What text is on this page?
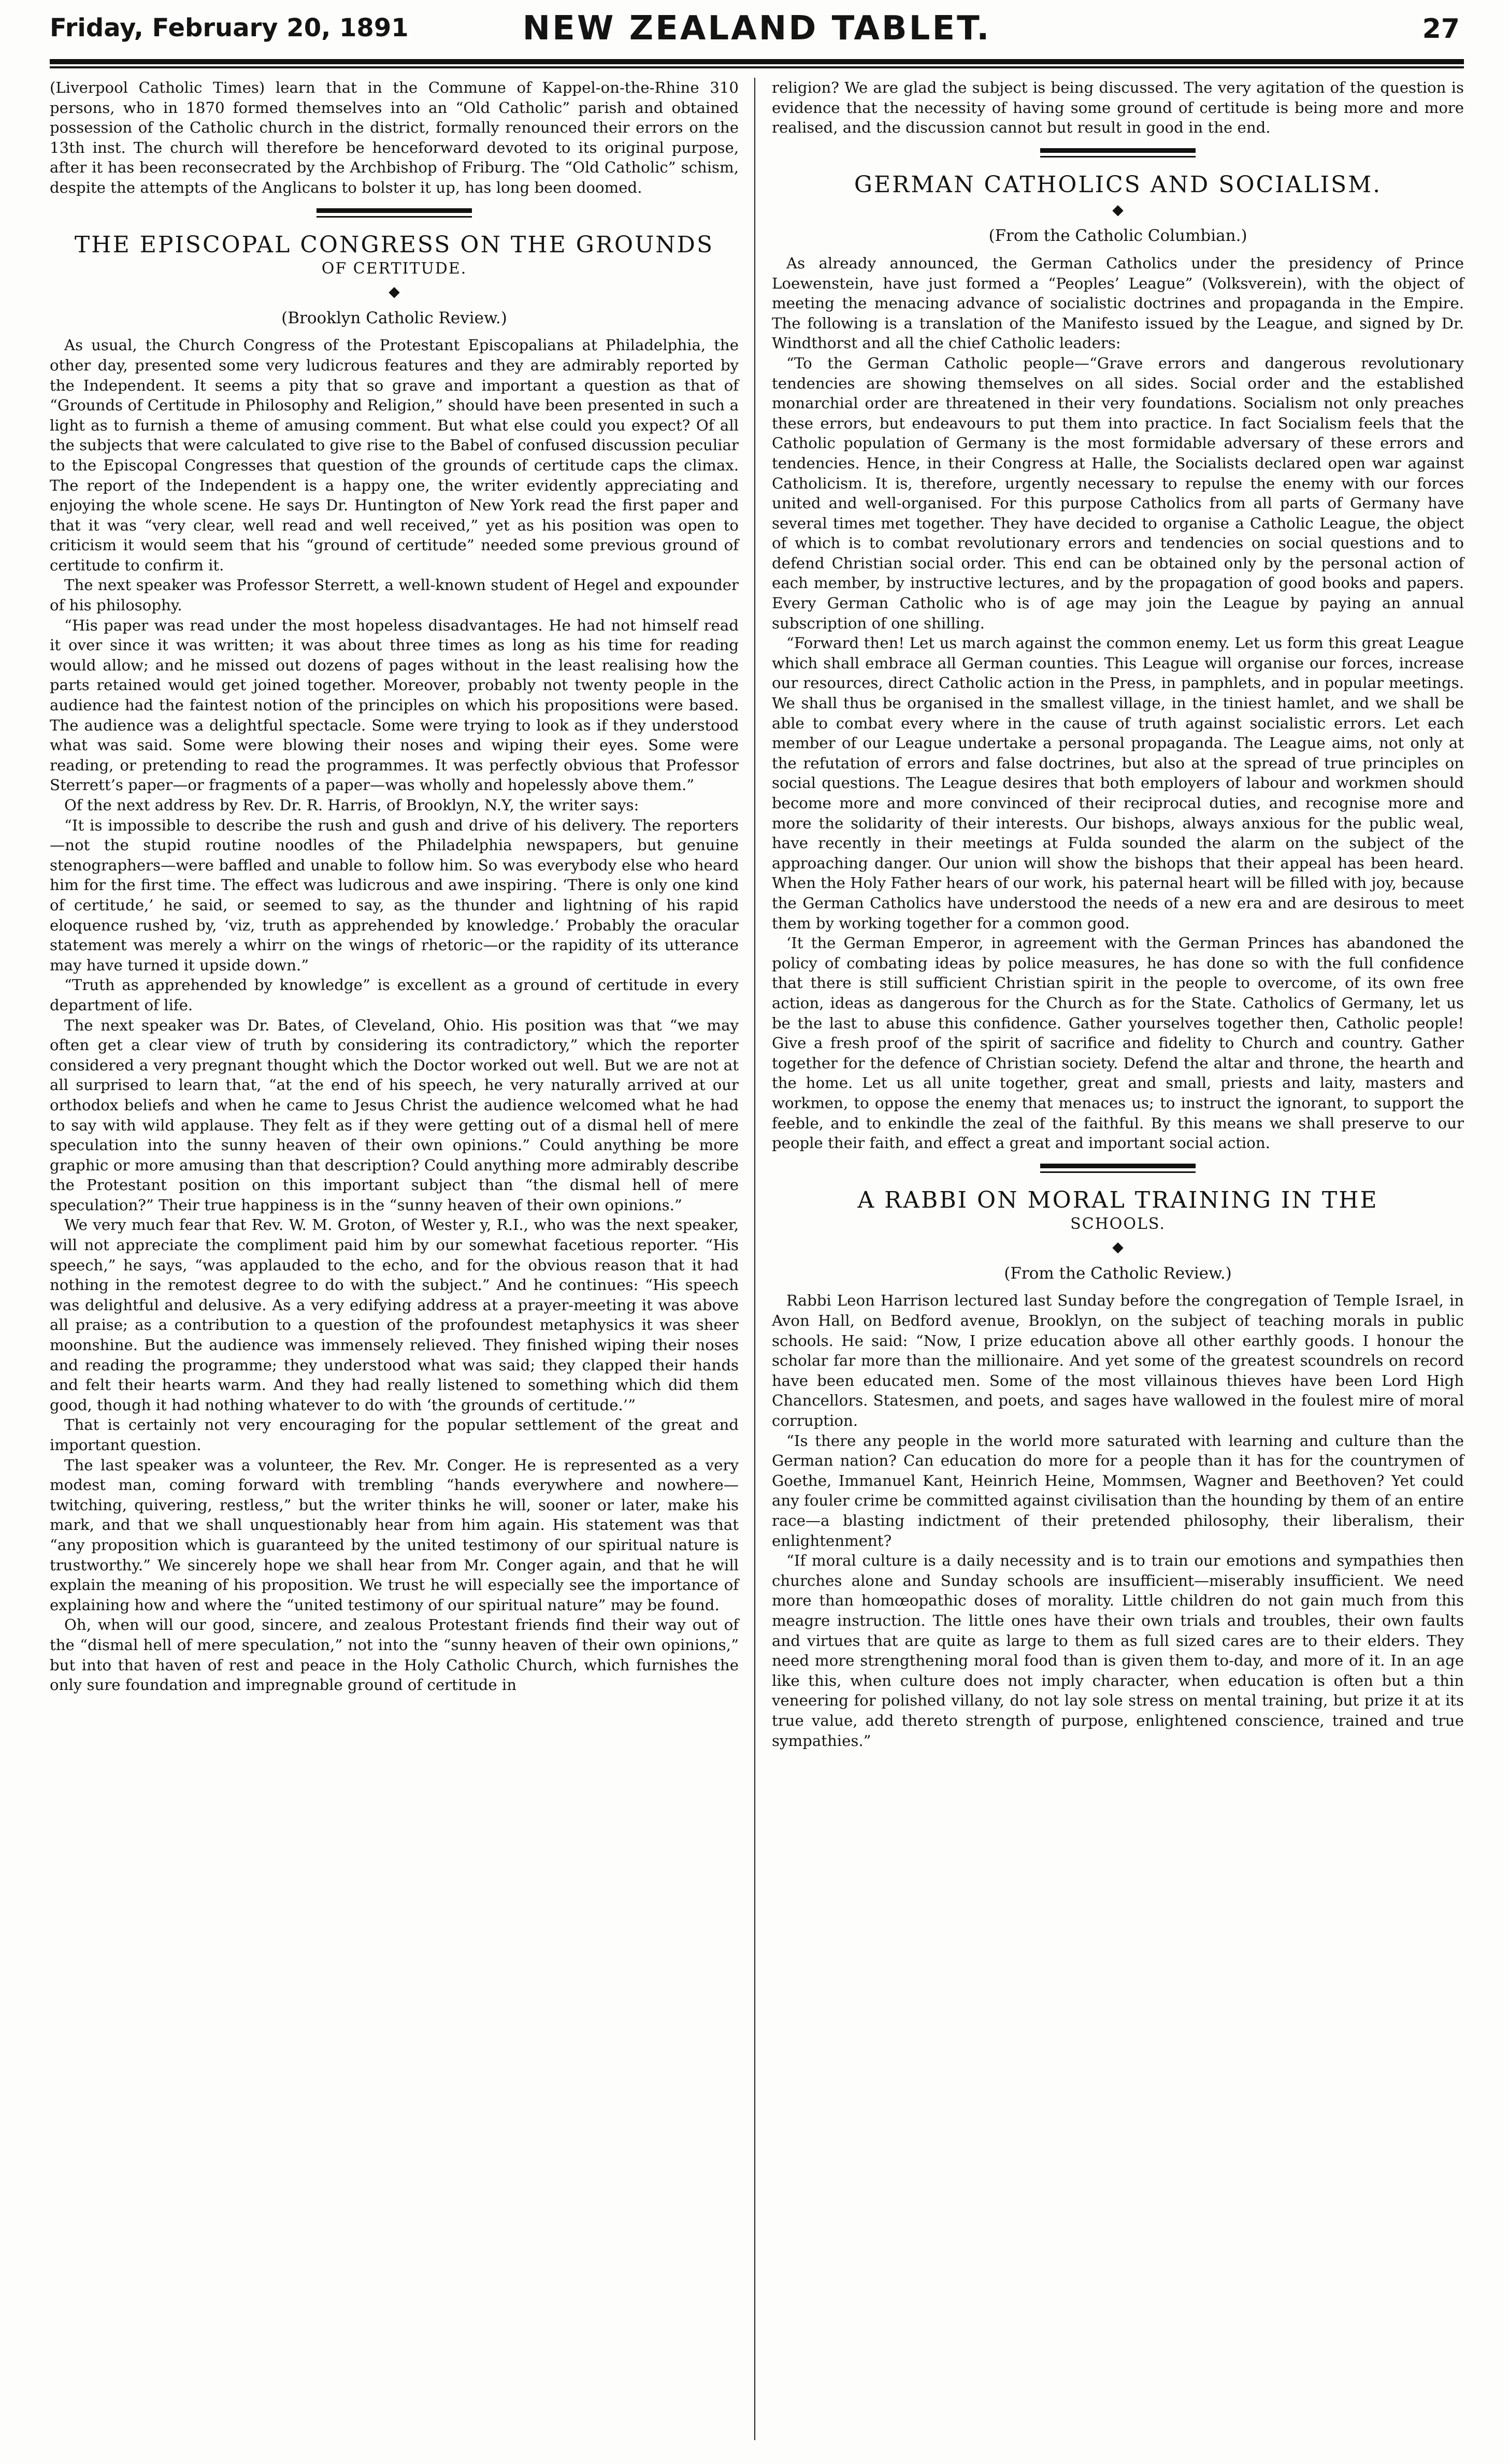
Friday, February 20, 1891	NEW ZEALAND TABLET.	27

(Liverpool Catholic Times) learn that in the Commune of Kappel-on-the-Rhine 310 persons, who in 1870 formed themselves into an “Old Catholic” parish and obtained possession of the Catholic church in the district, formally renounced their errors on the 13th inst. The church will therefore be henceforward devoted to its original purpose, after it has been reconsecrated by the Archbishop of Friburg. The “Old Catholic” schism, despite the attempts of the Anglicans to bolster it up, has long been doomed.

THE EPISCOPAL CONGRESS ON THE GROUNDS
OF CERTITUDE.
◆
(Brooklyn Catholic Review.)

As usual, the Church Congress of the Protestant Episcopalians at Philadelphia, the other day, presented some very ludicrous features and they are admirably reported by the Independent. It seems a pity that so grave and important a question as that of “Grounds of Certitude in Philosophy and Religion,” should have been presented in such a light as to furnish a theme of amusing comment. But what else could you expect? Of all the subjects that were calculated to give rise to the Babel of confused discussion peculiar to the Episcopal Congresses that question of the grounds of certitude caps the climax. The report of the Independent is a happy one, the writer evidently appreciating and enjoying the whole scene. He says Dr. Huntington of New York read the first paper and that it was “very clear, well read and well received,” yet as his position was open to criticism it would seem that his “ground of certitude” needed some previous ground of certitude to confirm it.

The next speaker was Professor Sterrett, a well-known student of Hegel and expounder of his philosophy.

“His paper was read under the most hopeless disadvantages. He had not himself read it over since it was written; it was about three times as long as his time for reading would allow; and he missed out dozens of pages without in the least realising how the parts retained would get joined together. Moreover, probably not twenty people in the audience had the faintest notion of the principles on which his propositions were based. The audience was a delightful spectacle. Some were trying to look as if they understood what was said. Some were blowing their noses and wiping their eyes. Some were reading, or pretending to read the programmes. It was perfectly obvious that Professor Sterrett’s paper—or fragments of a paper—was wholly and hopelessly above them.”

Of the next address by Rev. Dr. R. Harris, of Brooklyn, N.Y, the writer says:

“It is impossible to describe the rush and gush and drive of his delivery. The reporters—not the stupid routine noodles of the Philadelphia newspapers, but genuine stenographers—were baffled and unable to follow him. So was everybody else who heard him for the first time. The effect was ludicrous and awe inspiring. ‘There is only one kind of certitude,’ he said, or seemed to say, as the thunder and lightning of his rapid eloquence rushed by, ‘viz, truth as apprehended by knowledge.’ Probably the oracular statement was merely a whirr on the wings of rhetoric—or the rapidity of its utterance may have turned it upside down.”

“Truth as apprehended by knowledge” is excellent as a ground of certitude in every department of life.

The next speaker was Dr. Bates, of Cleveland, Ohio. His position was that “we may often get a clear view of truth by considering its contradictory,” which the reporter considered a very pregnant thought which the Doctor worked out well. But we are not at all surprised to learn that, “at the end of his speech, he very naturally arrived at our orthodox beliefs and when he came to Jesus Christ the audience welcomed what he had to say with wild applause. They felt as if they were getting out of a dismal hell of mere speculation into the sunny heaven of their own opinions.” Could anything be more graphic or more amusing than that description? Could anything more admirably describe the Protestant position on this important subject than “the dismal hell of mere speculation?” Their true happiness is in the “sunny heaven of their own opinions.”

We very much fear that Rev. W. M. Groton, of Wester y, R.I., who was the next speaker, will not appreciate the compliment paid him by our somewhat facetious reporter. “His speech,” he says, “was applauded to the echo, and for the obvious reason that it had nothing in the remotest degree to do with the subject.” And he continues: “His speech was delightful and delusive. As a very edifying address at a prayer-meeting it was above all praise; as a contribution to a question of the profoundest metaphysics it was sheer moonshine. But the audience was immensely relieved. They finished wiping their noses and reading the programme; they understood what was said; they clapped their hands and felt their hearts warm. And they had really listened to something which did them good, though it had nothing whatever to do with ‘the grounds of certitude.’”

That is certainly not very encouraging for the popular settlement of the great and important question.

The last speaker was a volunteer, the Rev. Mr. Conger. He is represented as a very modest man, coming forward with trembling “hands everywhere and nowhere—twitching, quivering, restless,” but the writer thinks he will, sooner or later, make his mark, and that we shall unquestionably hear from him again. His statement was that “any proposition which is guaranteed by the united testimony of our spiritual nature is trustworthy.” We sincerely hope we shall hear from Mr. Conger again, and that he will explain the meaning of his proposition. We trust he will especially see the importance of explaining how and where the “united testimony of our spiritual nature” may be found.

Oh, when will our good, sincere, and zealous Protestant friends find their way out of the “dismal hell of mere speculation,” not into the “sunny heaven of their own opinions,” but into that haven of rest and peace in the Holy Catholic Church, which furnishes the only sure foundation and impregnable ground of certitude in

religion? We are glad the subject is being discussed. The very agitation of the question is evidence that the necessity of having some ground of certitude is being more and more realised, and the discussion cannot but result in good in the end.

GERMAN CATHOLICS AND SOCIALISM.
◆
(From the Catholic Columbian.)

As already announced, the German Catholics under the presidency of Prince Loewenstein, have just formed a “Peoples’ League” (Volksverein), with the object of meeting the menacing advance of socialistic doctrines and propaganda in the Empire. The following is a translation of the Manifesto issued by the League, and signed by Dr. Windthorst and all the chief Catholic leaders:

“To the German Catholic people—“Grave errors and dangerous revolutionary tendencies are showing themselves on all sides. Social order and the established monarchial order are threatened in their very foundations. Socialism not only preaches these errors, but endeavours to put them into practice. In fact Socialism feels that the Catholic population of Germany is the most formidable adversary of these errors and tendencies. Hence, in their Congress at Halle, the Socialists declared open war against Catholicism. It is, therefore, urgently necessary to repulse the enemy with our forces united and well-organised. For this purpose Catholics from all parts of Germany have several times met together. They have decided to organise a Catholic League, the object of which is to combat revolutionary errors and tendencies on social questions and to defend Christian social order. This end can be obtained only by the personal action of each member, by instructive lectures, and by the propagation of good books and papers. Every German Catholic who is of age may join the League by paying an annual subscription of one shilling.

“Forward then! Let us march against the common enemy. Let us form this great League which shall embrace all German counties. This League will organise our forces, increase our resources, direct Catholic action in the Press, in pamphlets, and in popular meetings. We shall thus be organised in the smallest village, in the tiniest hamlet, and we shall be able to combat every where in the cause of truth against socialistic errors. Let each member of our League undertake a personal propaganda. The League aims, not only at the refutation of errors and false doctrines, but also at the spread of true principles on social questions. The League desires that both employers of labour and workmen should become more and more convinced of their reciprocal duties, and recognise more and more the solidarity of their interests. Our bishops, always anxious for the public weal, have recently in their meetings at Fulda sounded the alarm on the subject of the approaching danger. Our union will show the bishops that their appeal has been heard. When the Holy Father hears of our work, his paternal heart will be filled with joy, because the German Catholics have understood the needs of a new era and are desirous to meet them by working together for a common good.

‘It the German Emperor, in agreement with the German Princes has abandoned the policy of combating ideas by police measures, he has done so with the full confidence that there is still sufficient Christian spirit in the people to overcome, of its own free action, ideas as dangerous for the Church as for the State. Catholics of Germany, let us be the last to abuse this confidence. Gather yourselves together then, Catholic people! Give a fresh proof of the spirit of sacrifice and fidelity to Church and country. Gather together for the defence of Christian society. Defend the altar and throne, the hearth and the home. Let us all unite together, great and small, priests and laity, masters and workmen, to oppose the enemy that menaces us; to instruct the ignorant, to support the feeble, and to enkindle the zeal of the faithful. By this means we shall preserve to our people their faith, and effect a great and important social action.

A RABBI ON MORAL TRAINING IN THE
SCHOOLS.
◆
(From the Catholic Review.)

Rabbi Leon Harrison lectured last Sunday before the congregation of Temple Israel, in Avon Hall, on Bedford avenue, Brooklyn, on the subject of teaching morals in public schools. He said: “Now, I prize education above all other earthly goods. I honour the scholar far more than the millionaire. And yet some of the greatest scoundrels on record have been educated men. Some of the most villainous thieves have been Lord High Chancellors. Statesmen, and poets, and sages have wallowed in the foulest mire of moral corruption.

“Is there any people in the world more saturated with learning and culture than the German nation? Can education do more for a people than it has for the countrymen of Goethe, Immanuel Kant, Heinrich Heine, Mommsen, Wagner and Beethoven? Yet could any fouler crime be committed against civilisation than the hounding by them of an entire race—a blasting indictment of their pretended philosophy, their liberalism, their enlightenment?

“If moral culture is a daily necessity and is to train our emotions and sympathies then churches alone and Sunday schools are insufficient—miserably insufficient. We need more than homœopathic doses of morality. Little children do not gain much from this meagre instruction. The little ones have their own trials and troubles, their own faults and virtues that are quite as large to them as full sized cares are to their elders. They need more strengthening moral food than is given them to-day, and more of it. In an age like this, when culture does not imply character, when education is often but a thin veneering for polished villany, do not lay sole stress on mental training, but prize it at its true value, add thereto strength of purpose, enlightened conscience, trained and true sympathies.”
